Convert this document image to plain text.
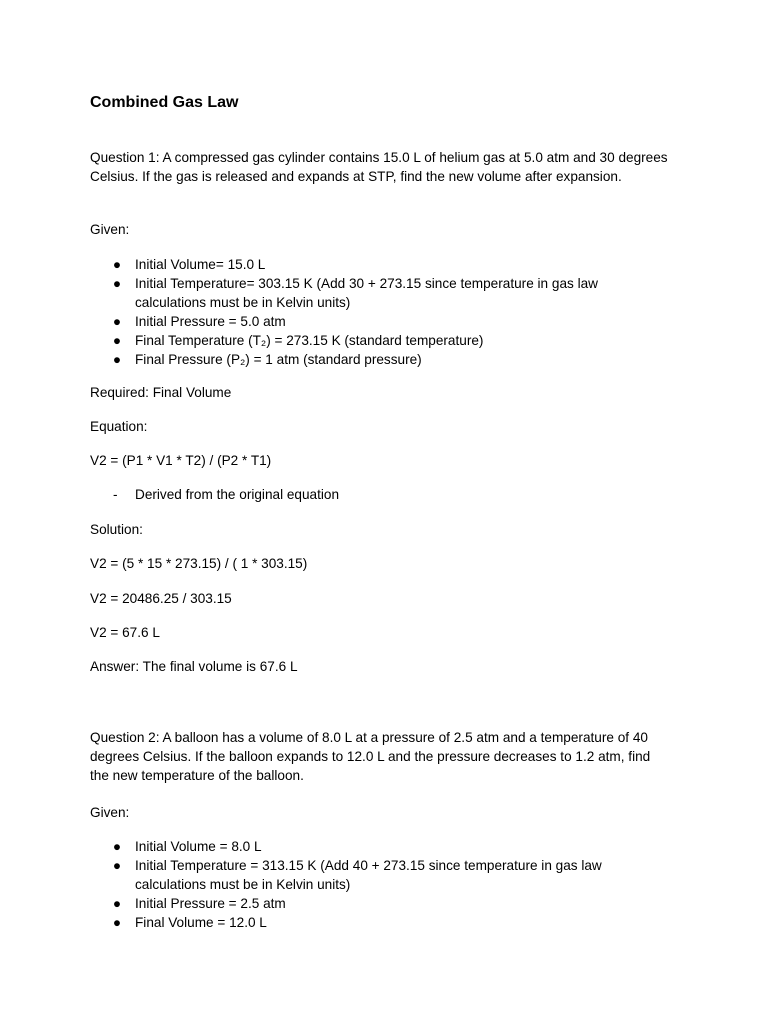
Combined Gas Law

Question 1: A compressed gas cylinder contains 15.0 L of helium gas at 5.0 atm and 30 degrees Celsius. If the gas is released and expands at STP, find the new volume after expansion.

Given:

● Initial Volume= 15.0 L
● Initial Temperature= 303.15 K (Add 30 + 273.15 since temperature in gas law calculations must be in Kelvin units)
● Initial Pressure = 5.0 atm
● Final Temperature (T₂) = 273.15 K (standard temperature)
● Final Pressure (P₂) = 1 atm (standard pressure)

Required: Final Volume

Equation:

V2 = (P1 * V1 * T2) / (P2 * T1)

- Derived from the original equation

Solution:

V2 = (5 * 15 * 273.15) / ( 1 * 303.15)

V2 = 20486.25 / 303.15

V2 = 67.6 L

Answer: The final volume is 67.6 L

Question 2: A balloon has a volume of 8.0 L at a pressure of 2.5 atm and a temperature of 40 degrees Celsius. If the balloon expands to 12.0 L and the pressure decreases to 1.2 atm, find the new temperature of the balloon.

Given:

● Initial Volume = 8.0 L
● Initial Temperature = 313.15 K (Add 40 + 273.15 since temperature in gas law calculations must be in Kelvin units)
● Initial Pressure = 2.5 atm
● Final Volume = 12.0 L
